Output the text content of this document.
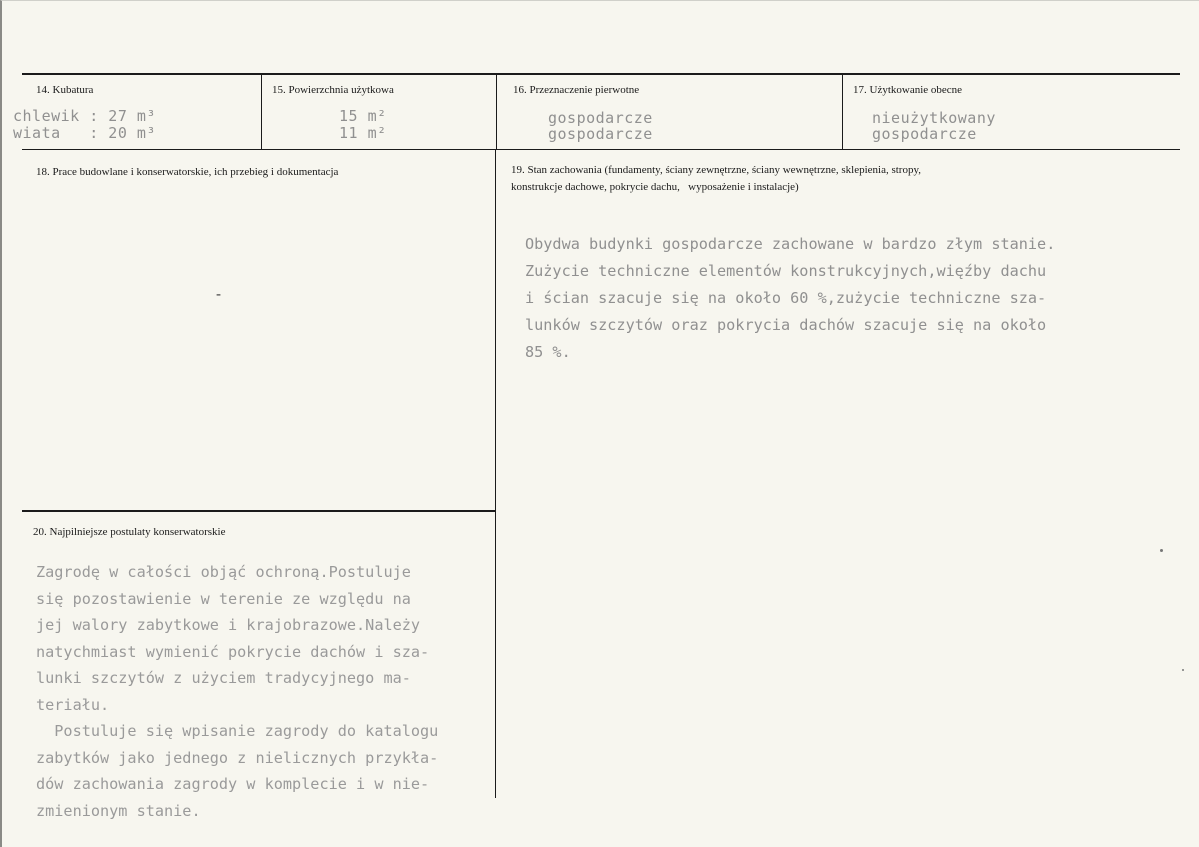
14. Kubatura
chlewik : 27 m³
wiata   : 20 m³
15. Powierzchnia użytkowa
15 m²
11 m²
16. Przeznaczenie pierwotne
gospodarcze
gospodarcze
17. Użytkowanie obecne
nieużytkowany
gospodarcze
18. Prace budowlane i konserwatorskie, ich przebieg i dokumentacja
-
19. Stan zachowania (fundamenty, ściany zewnętrzne, ściany wewnętrzne, sklepienia, stropy,
konstrukcje dachowe, pokrycie dachu,   wyposażenie i instalacje)
Obydwa budynki gospodarcze zachowane w bardzo złym stanie.
Zużycie techniczne elementów konstrukcyjnych,więźby dachu
i ścian szacuje się na około 60 %,zużycie techniczne sza-
lunków szczytów oraz pokrycia dachów szacuje się na około
85 %.
20. Najpilniejsze postulaty konserwatorskie
Zagrodę w całości objąć ochroną.Postuluje
się pozostawienie w terenie ze względu na
jej walory zabytkowe i krajobrazowe.Należy
natychmiast wymienić pokrycie dachów i sza-
lunki szczytów z użyciem tradycyjnego ma-
teriału.
Postuluje się wpisanie zagrody do katalogu
zabytków jako jednego z nielicznych przykła-
dów zachowania zagrody w komplecie i w nie-
zmienionym stanie.
